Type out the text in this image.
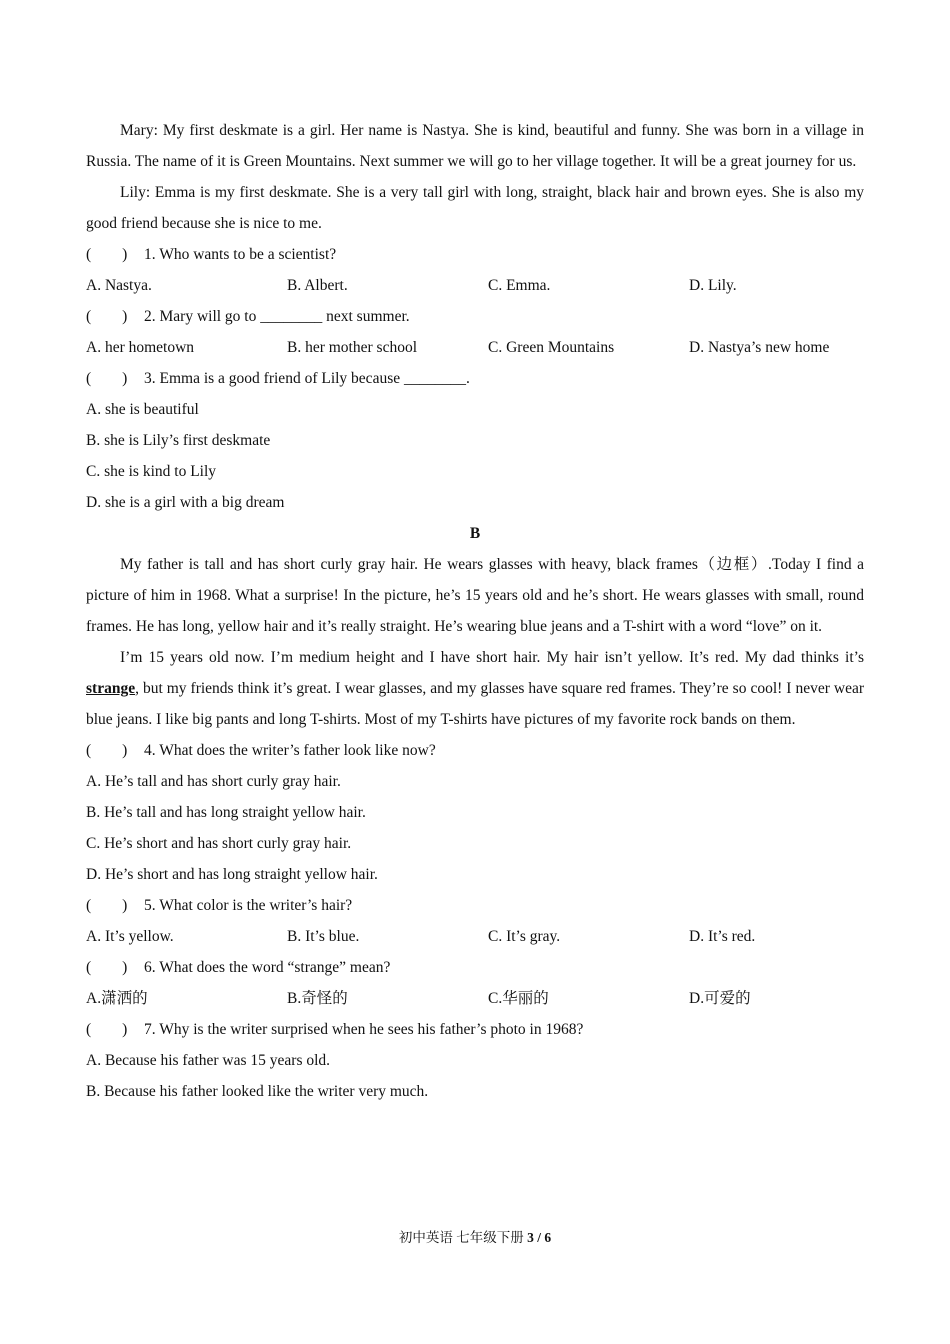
Mary: My first deskmate is a girl. Her name is Nastya. She is kind, beautiful and funny. She was born in a village in Russia. The name of it is Green Mountains. Next summer we will go to her village together. It will be a great journey for us.
Lily: Emma is my first deskmate. She is a very tall girl with long, straight, black hair and brown eyes. She is also my good friend because she is nice to me.
(　　) 1. Who wants to be a scientist?
A. Nastya.	B. Albert.	C. Emma.	D. Lily.
(　　) 2. Mary will go to ________ next summer.
A. her hometown	B. her mother school	C. Green Mountains	D. Nastya’s new home
(　　) 3. Emma is a good friend of Lily because ________.
A. she is beautiful
B. she is Lily’s first deskmate
C. she is kind to Lily
D. she is a girl with a big dream
B
My father is tall and has short curly gray hair. He wears glasses with heavy, black frames（边框）.Today I find a picture of him in 1968. What a surprise! In the picture, he’s 15 years old and he’s short. He wears glasses with small, round frames. He has long, yellow hair and it’s really straight. He’s wearing blue jeans and a T-shirt with a word “love” on it.
I’m 15 years old now. I’m medium height and I have short hair. My hair isn’t yellow. It’s red. My dad thinks it’s strange, but my friends think it’s great. I wear glasses, and my glasses have square red frames. They’re so cool! I never wear blue jeans. I like big pants and long T-shirts. Most of my T-shirts have pictures of my favorite rock bands on them.
(　　) 4. What does the writer’s father look like now?
A. He’s tall and has short curly gray hair.
B. He’s tall and has long straight yellow hair.
C. He’s short and has short curly gray hair.
D. He’s short and has long straight yellow hair.
(　　) 5. What color is the writer’s hair?
A. It’s yellow.	B. It’s blue.	C. It’s gray.	D. It’s red.
(　　) 6. What does the word “strange” mean?
A.潇洒的	B.奇怪的	C.华丽的	D.可爱的
(　　) 7. Why is the writer surprised when he sees his father’s photo in 1968?
A. Because his father was 15 years old.
B. Because his father looked like the writer very much.
初中英语 七年级下册 3 / 6
